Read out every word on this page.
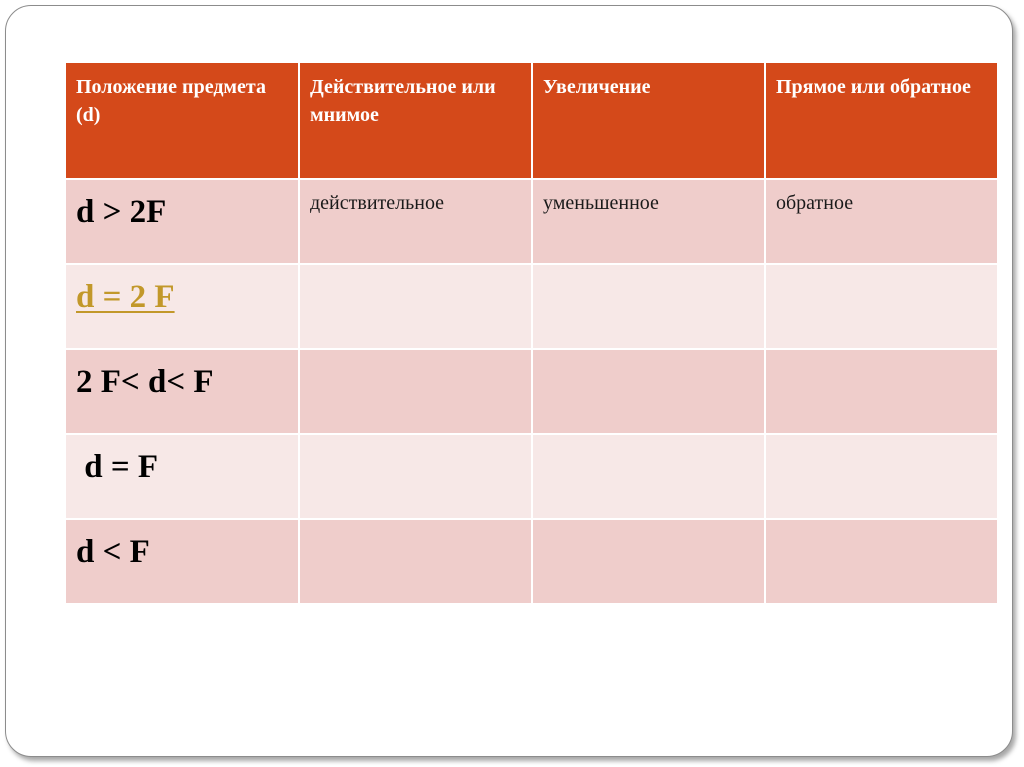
Положение предмета (d)	Действительное или мнимое	Увеличение	Прямое или обратное
d > 2F	действительное	уменьшенное	обратное
d = 2 F			
2 F< d< F			
d = F			
d < F			
